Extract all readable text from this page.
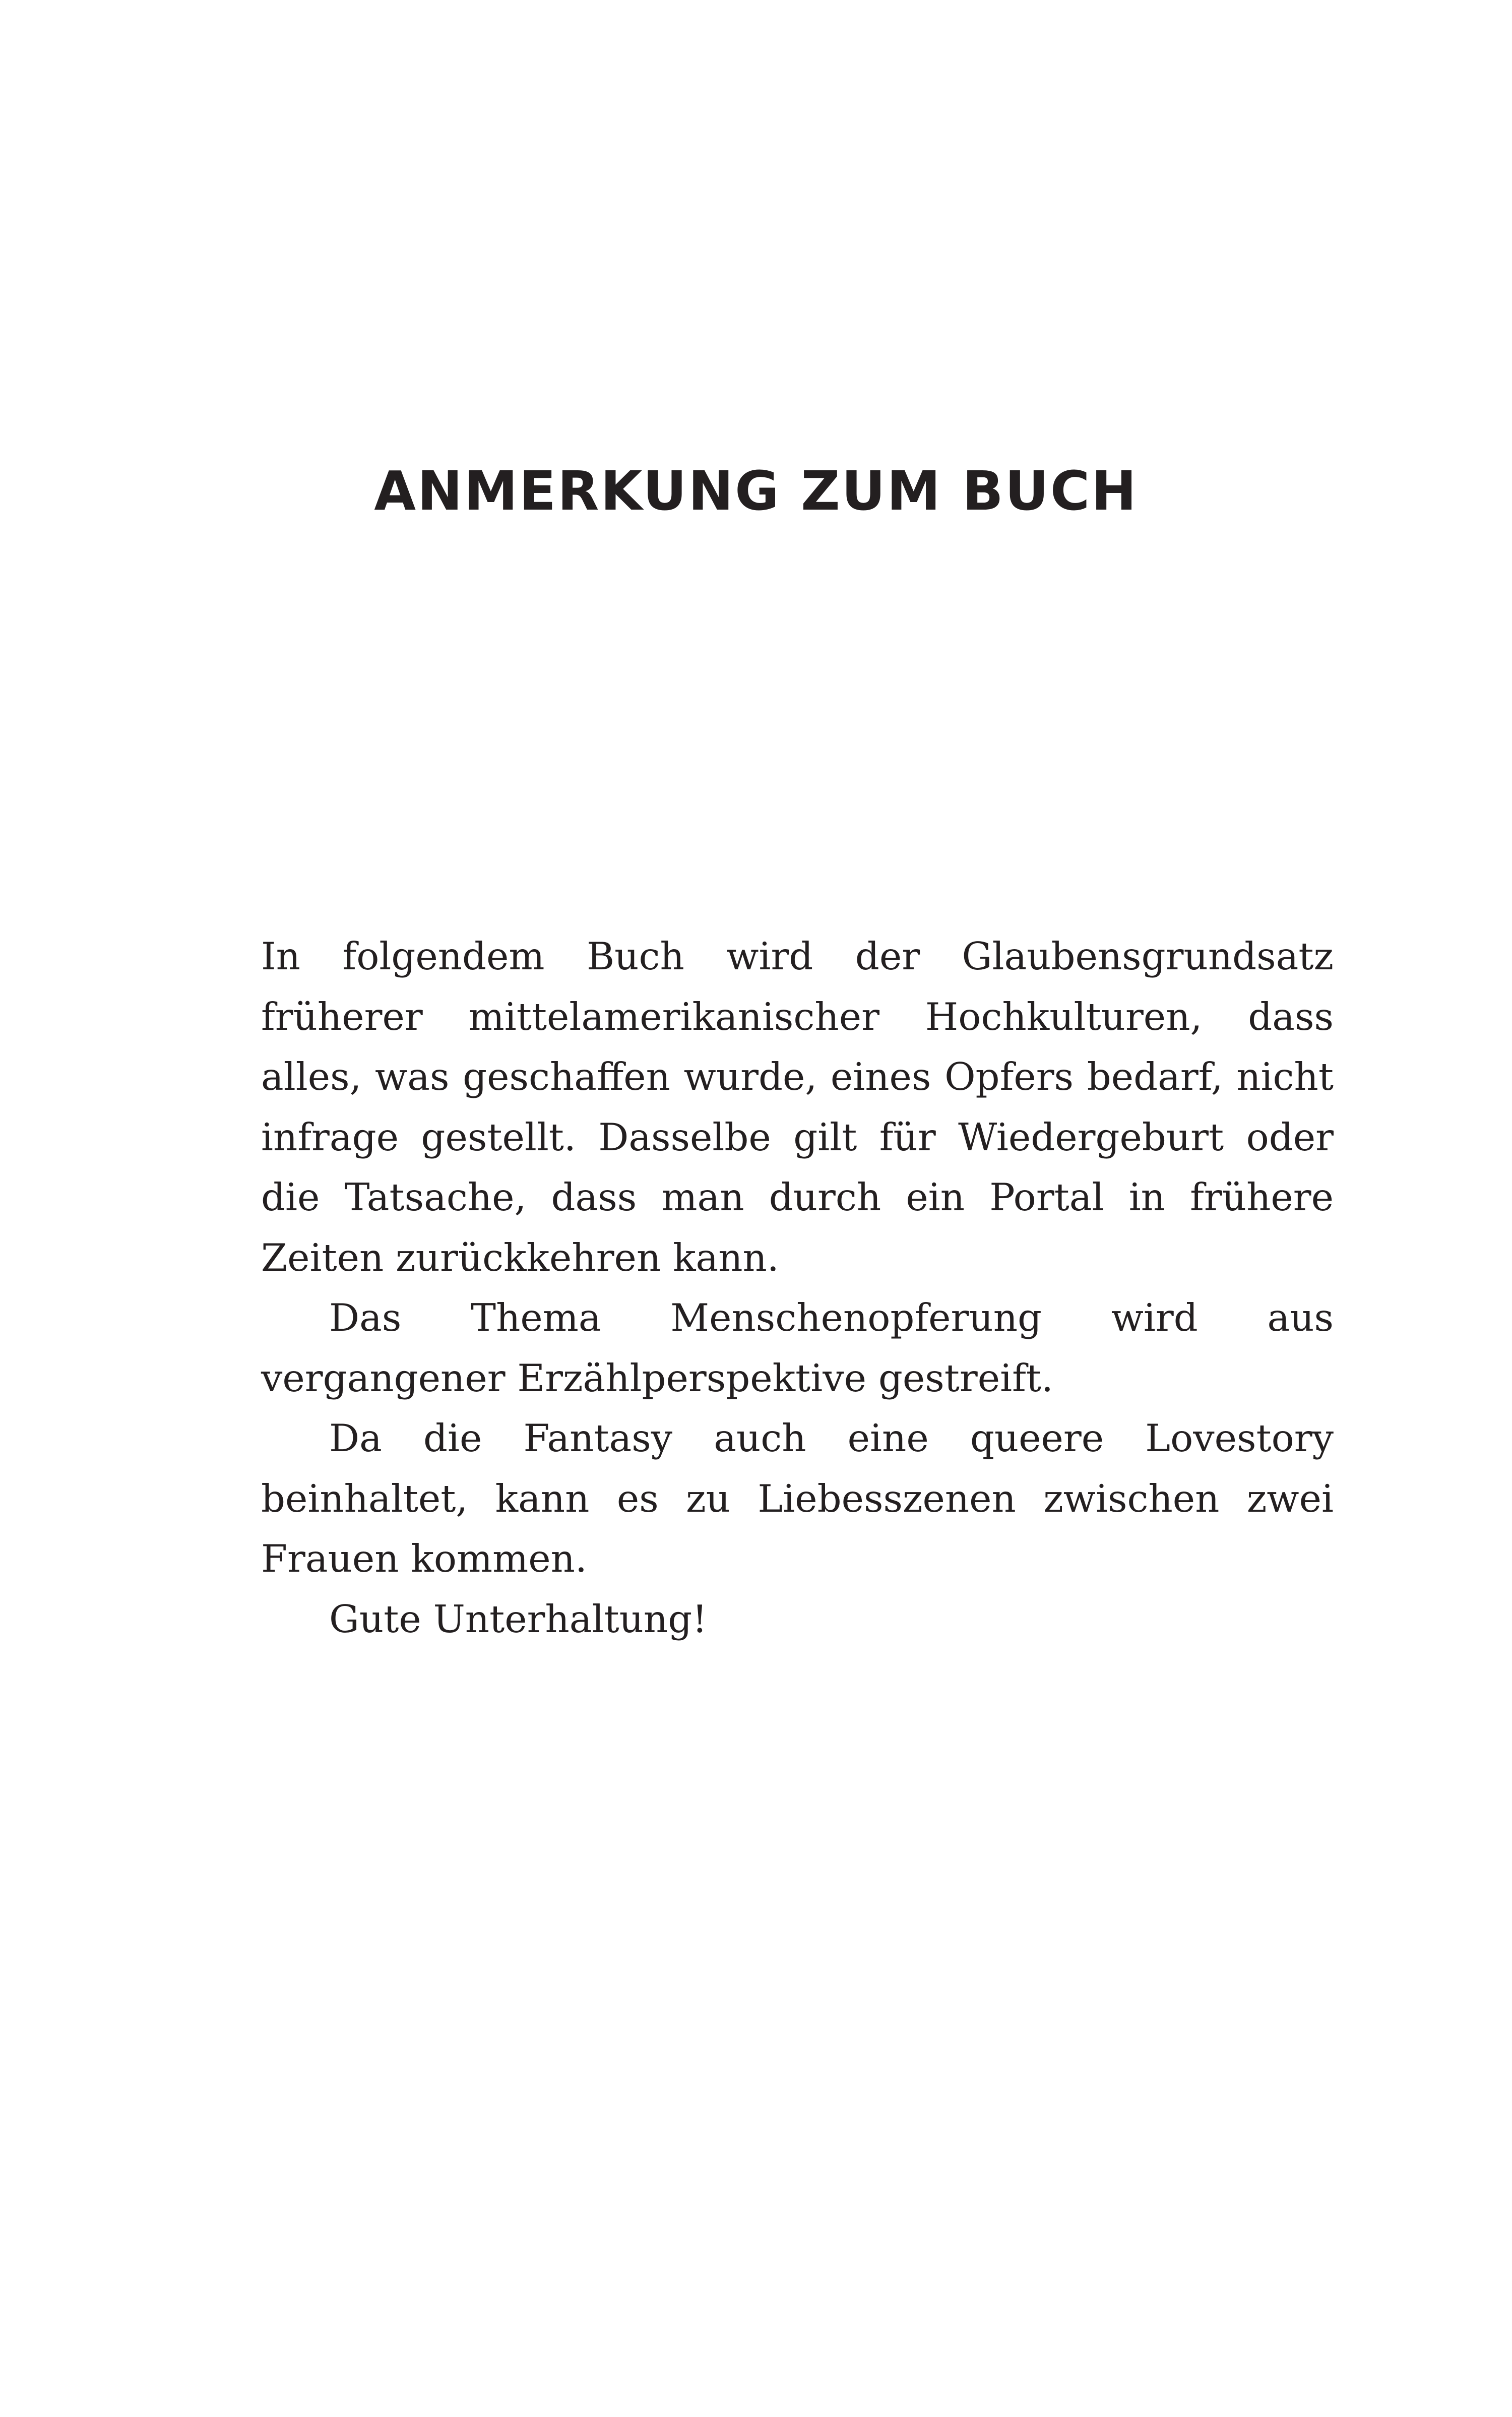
ANMERKUNG ZUM BUCH

In folgendem Buch wird der Glaubensgrundsatz früherer mittelamerikanischer Hochkulturen, dass alles, was geschaffen wurde, eines Opfers bedarf, nicht infrage gestellt. Dasselbe gilt für Wiedergeburt oder die Tatsache, dass man durch ein Portal in frühere Zeiten zurückkehren kann.

Das Thema Menschenopferung wird aus vergangener Erzählperspektive gestreift.

Da die Fantasy auch eine queere Lovestory beinhaltet, kann es zu Liebesszenen zwischen zwei Frauen kommen.

Gute Unterhaltung!
